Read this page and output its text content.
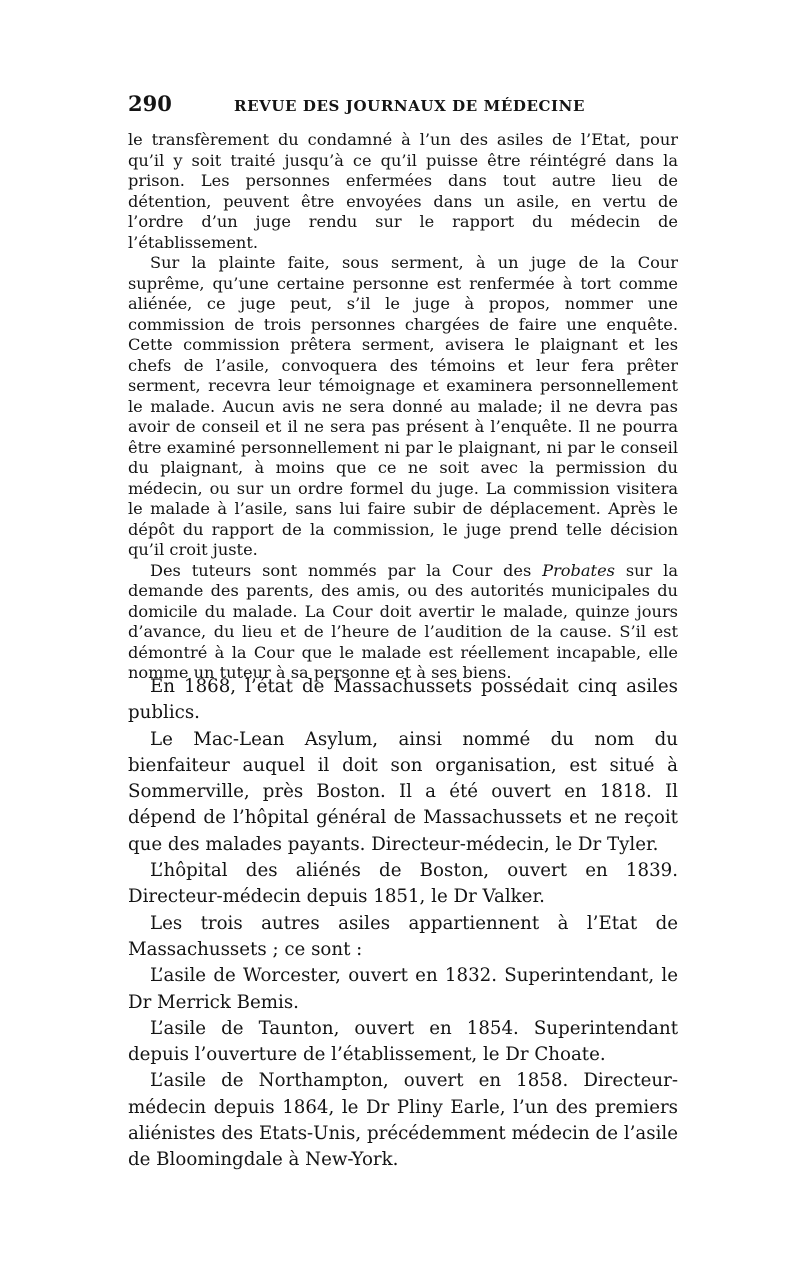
290	REVUE DES JOURNAUX DE MÉDECINE

le transfèrement du condamné à l’un des asiles de l’Etat, pour qu’il y soit traité jusqu’à ce qu’il puisse être réintégré dans la prison. Les personnes enfermées dans tout autre lieu de détention, peuvent être envoyées dans un asile, en vertu de l’ordre d’un juge rendu sur le rapport du médecin de l’établissement.

Sur la plainte faite, sous serment, à un juge de la Cour suprême, qu’une certaine personne est renfermée à tort comme aliénée, ce juge peut, s’il le juge à propos, nommer une commission de trois personnes chargées de faire une enquête. Cette commission prêtera serment, avisera le plaignant et les chefs de l’asile, convoquera des témoins et leur fera prêter serment, recevra leur témoignage et examinera personnellement le malade. Aucun avis ne sera donné au malade; il ne devra pas avoir de conseil et il ne sera pas présent à l’enquête. Il ne pourra être examiné personnellement ni par le plaignant, ni par le conseil du plaignant, à moins que ce ne soit avec la permission du médecin, ou sur un ordre formel du juge. La commission visitera le malade à l’asile, sans lui faire subir de déplacement. Après le dépôt du rapport de la commission, le juge prend telle décision qu’il croit juste.

Des tuteurs sont nommés par la Cour des Probates sur la demande des parents, des amis, ou des autorités municipales du domicile du malade. La Cour doit avertir le malade, quinze jours d’avance, du lieu et de l’heure de l’audition de la cause. S’il est démontré à la Cour que le malade est réellement incapable, elle nomme un tuteur à sa personne et à ses biens.

En 1868, l’état de Massachussets possédait cinq asiles publics.

Le Mac-Lean Asylum, ainsi nommé du nom du bienfaiteur auquel il doit son organisation, est situé à Sommerville, près Boston. Il a été ouvert en 1818. Il dépend de l’hôpital général de Massachussets et ne reçoit que des malades payants. Directeur-médecin, le Dr Tyler.

L’hôpital des aliénés de Boston, ouvert en 1839. Directeur-médecin depuis 1851, le Dr Valker.

Les trois autres asiles appartiennent à l’Etat de Massachussets ; ce sont :

L’asile de Worcester, ouvert en 1832. Superintendant, le Dr Merrick Bemis.

L’asile de Taunton, ouvert en 1854. Superintendant depuis l’ouverture de l’établissement, le Dr Choate.

L’asile de Northampton, ouvert en 1858. Directeur-médecin depuis 1864, le Dr Pliny Earle, l’un des premiers aliénistes des Etats-Unis, précédemment médecin de l’asile de Bloomingdale à New-York.
